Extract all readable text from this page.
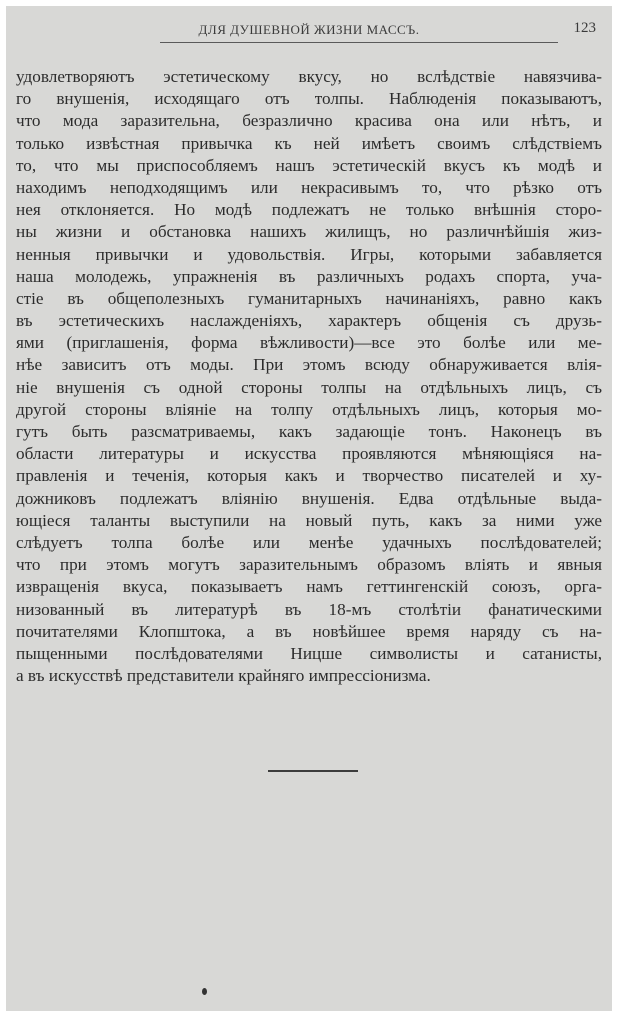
ДЛЯ ДУШЕВНОЙ ЖИЗНИ МАССЪ.	123
удовлетворяютъ эстетическому вкусу, но вслѣдствіе навязчива-
го внушенія, исходящаго отъ толпы. Наблюденія показываютъ,
что мода заразительна, безразлично красива она или нѣтъ, и
только извѣстная привычка къ ней имѣетъ своимъ слѣдствіемъ
то, что мы приспособляемъ нашъ эстетическій вкусъ къ модѣ и
находимъ неподходящимъ или некрасивымъ то, что рѣзко отъ
нея отклоняется. Но модѣ подлежатъ не только внѣшнія сторо-
ны жизни и обстановка нашихъ жилищъ, но различнѣйшія жиз-
ненныя привычки и удовольствія. Игры, которыми забавляется
наша молодежь, упражненія въ различныхъ родахъ спорта, уча-
стіе въ общеполезныхъ гуманитарныхъ начинаніяхъ, равно какъ
въ эстетическихъ наслажденіяхъ, характеръ общенія съ друзь-
ями (приглашенія, форма вѣжливости)—все это болѣе или ме-
нѣе зависитъ отъ моды. При этомъ всюду обнаруживается влія-
ніе внушенія съ одной стороны толпы на отдѣльныхъ лицъ, съ
другой стороны вліяніе на толпу отдѣльныхъ лицъ, которыя мо-
гутъ быть разсматриваемы, какъ задающіе тонъ. Наконецъ въ
области литературы и искусства проявляются мѣняющіяся на-
правленія и теченія, которыя какъ и творчество писателей и ху-
дожниковъ подлежатъ вліянію внушенія. Едва отдѣльные выда-
ющіеся таланты выступили на новый путь, какъ за ними уже
слѣдуетъ толпа болѣе или менѣе удачныхъ послѣдователей;
что при этомъ могутъ заразительнымъ образомъ вліять и явныя
извращенія вкуса, показываетъ намъ геттингенскій союзъ, орга-
низованный въ литературѣ въ 18-мъ столѣтіи фанатическими
почитателями Клопштока, а въ новѣйшее время наряду съ на-
пыщенными послѣдователями Ницше символисты и сатанисты,
а въ искусствѣ представители крайняго импрессіонизма.
